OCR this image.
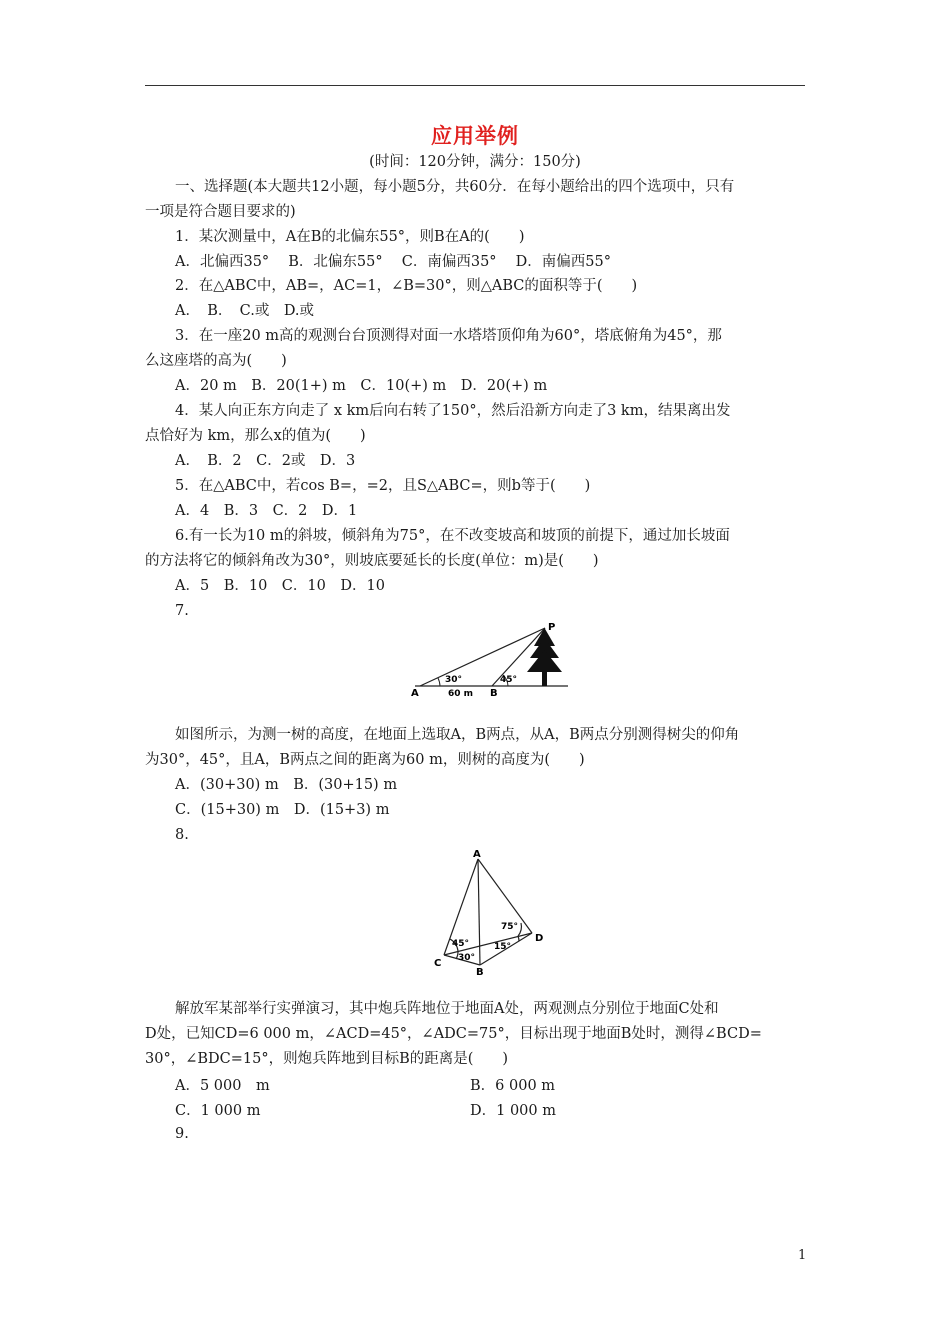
应用举例
(时间：120分钟，满分：150分)
一、选择题(本大题共12小题，每小题5分，共60分．在每小题给出的四个选项中，只有
一项是符合题目要求的)
1．某次测量中，A在B的北偏东55°，则B在A的(　　)
A．北偏西35°　 B．北偏东55°　 C．南偏西35°　 D．南偏西55°
2．在△ABC中，AB=，AC=1，∠B=30°，则△ABC的面积等于(　　)
A．　B．　C.或　D.或
3．在一座20 m高的观测台台顶测得对面一水塔塔顶仰角为60°，塔底俯角为45°，那
么这座塔的高为(　　)
A．20 m　B．20(1+) m　C．10(+) m　D．20(+) m
4．某人向正东方向走了 x km后向右转了150°，然后沿新方向走了3 km，结果离出发
点恰好为 km，那么x的值为(　　)
A．　B．2　C．2或　D．3
5．在△ABC中，若cos B=，=2，且S△ABC=，则b等于(　　)
A．4　B．3　C．2　D．1
6.有一长为10 m的斜坡，倾斜角为75°，在不改变坡高和坡顶的前提下，通过加长坡面
的方法将它的倾斜角改为30°，则坡底要延长的长度(单位：m)是(　　)
A．5　B．10　C．10　D．10
7.
A	B
P
30°	45°
60 m
如图所示，为测一树的高度，在地面上选取A，B两点，从A，B两点分别测得树尖的仰角
为30°，45°，且A，B两点之间的距离为60 m，则树的高度为(　　)
A．(30+30) m　B．(30+15) m
C．(15+30) m　D．(15+3) m
8.
A
B
C
D
45°
30°
75°
15°
解放军某部举行实弹演习，其中炮兵阵地位于地面A处，两观测点分别位于地面C处和
D处，已知CD=6 000 m，∠ACD=45°，∠ADC=75°，目标出现于地面B处时，测得∠BCD=
30°，∠BDC=15°，则炮兵阵地到目标B的距离是(　　)
A．5 000　m	B．6 000 m
C．1 000 m	D．1 000 m
9.
1
